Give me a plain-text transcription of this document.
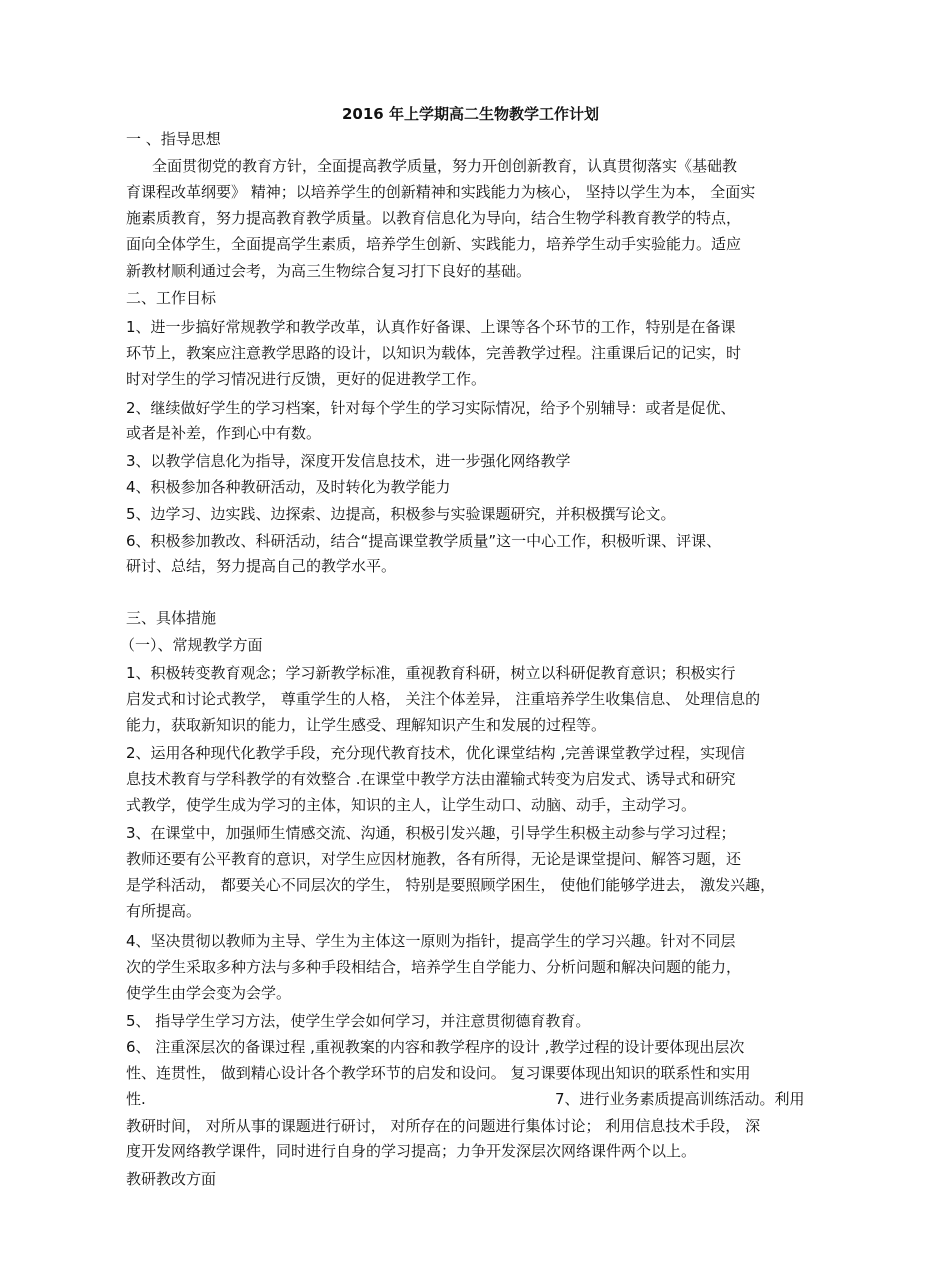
2016 年上学期高二生物教学工作计划

一 、指导思想

全面贯彻党的教育方针，全面提高教学质量，努力开创创新教育，认真贯彻落实《基础教

育课程改革纲要》 精神；以培养学生的创新精神和实践能力为核心， 坚持以学生为本， 全面实

施素质教育，努力提高教育教学质量。以教育信息化为导向，结合生物学科教育教学的特点，

面向全体学生，全面提高学生素质，培养学生创新、实践能力，培养学生动手实验能力。适应

新教材顺利通过会考，为高三生物综合复习打下良好的基础。

二、工作目标

1、进一步搞好常规教学和教学改革，认真作好备课、上课等各个环节的工作，特别是在备课

环节上，教案应注意教学思路的设计，以知识为载体，完善教学过程。注重课后记的记实，时

时对学生的学习情况进行反馈，更好的促进教学工作。

2、继续做好学生的学习档案，针对每个学生的学习实际情况，给予个别辅导：或者是促优、

或者是补差，作到心中有数。

3、以教学信息化为指导，深度开发信息技术，进一步强化网络教学

4、积极参加各种教研活动，及时转化为教学能力

5、边学习、边实践、边探索、边提高，积极参与实验课题研究，并积极撰写论文。

6、积极参加教改、科研活动，结合“提高课堂教学质量”这一中心工作，积极听课、评课、

研讨、总结，努力提高自己的教学水平。

三、具体措施

（一）、常规教学方面

1、积极转变教育观念；学习新教学标准，重视教育科研，树立以科研促教育意识；积极实行

启发式和讨论式教学， 尊重学生的人格， 关注个体差异， 注重培养学生收集信息、 处理信息的

能力，获取新知识的能力，让学生感受、理解知识产生和发展的过程等。

2、运用各种现代化教学手段，充分现代教育技术，优化课堂结构 ,完善课堂教学过程，实现信

息技术教育与学科教学的有效整合 .在课堂中教学方法由灌输式转变为启发式、诱导式和研究

式教学，使学生成为学习的主体，知识的主人，让学生动口、动脑、动手，主动学习。

3、在课堂中，加强师生情感交流、沟通，积极引发兴趣，引导学生积极主动参与学习过程；

教师还要有公平教育的意识，对学生应因材施教，各有所得，无论是课堂提问、解答习题，还

是学科活动， 都要关心不同层次的学生， 特别是要照顾学困生， 使他们能够学进去， 激发兴趣，

有所提高。

4、坚决贯彻以教师为主导、学生为主体这一原则为指针，提高学生的学习兴趣。针对不同层

次的学生采取多种方法与多种手段相结合，培养学生自学能力、分析问题和解决问题的能力，

使学生由学会变为会学。

5、 指导学生学习方法，使学生学会如何学习，并注意贯彻德育教育。

6、 注重深层次的备课过程 ,重视教案的内容和教学程序的设计 ,教学过程的设计要体现出层次

性、连贯性， 做到精心设计各个教学环节的启发和设问。 复习课要体现出知识的联系性和实用

性.	7、进行业务素质提高训练活动。利用

教研时间， 对所从事的课题进行研讨， 对所存在的问题进行集体讨论； 利用信息技术手段， 深

度开发网络教学课件，同时进行自身的学习提高；力争开发深层次网络课件两个以上。

教研教改方面
